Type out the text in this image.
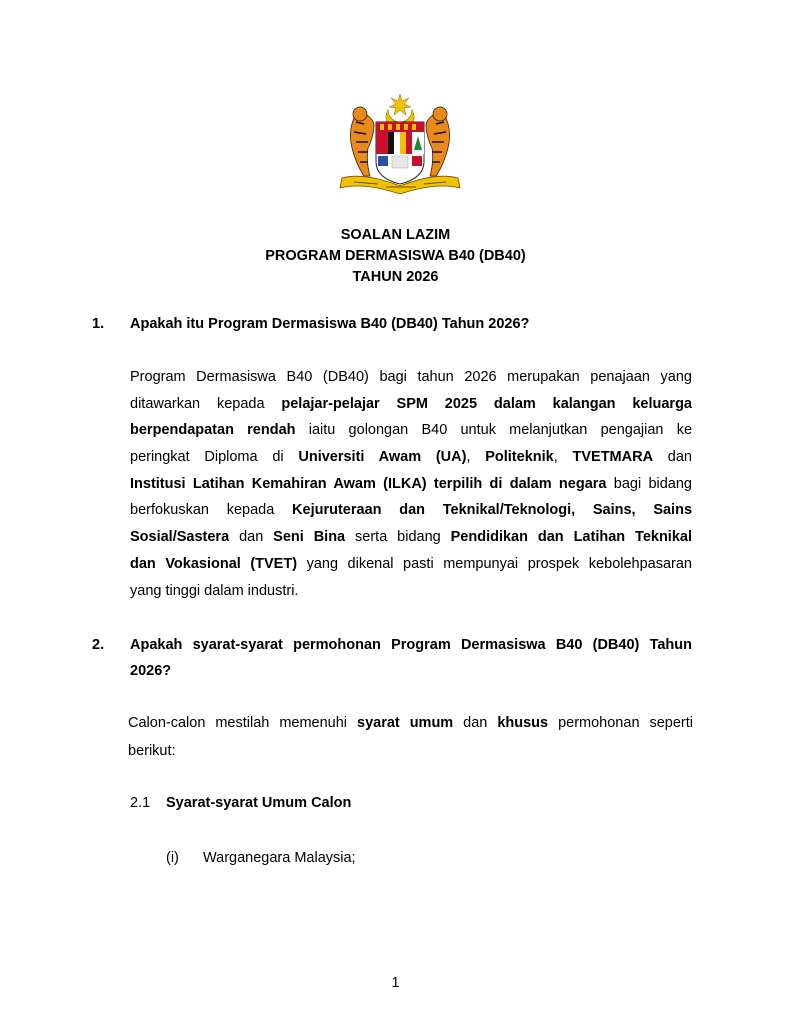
SOALAN LAZIM
PROGRAM DERMASISWA B40 (DB40)
TAHUN 2026
1. Apakah itu Program Dermasiswa B40 (DB40) Tahun 2026?
Program Dermasiswa B40 (DB40) bagi tahun 2026 merupakan penajaan yang
ditawarkan kepada pelajar-pelajar SPM 2025 dalam kalangan keluarga
berpendapatan rendah iaitu golongan B40 untuk melanjutkan pengajian ke
peringkat Diploma di Universiti Awam (UA), Politeknik, TVETMARA dan
Institusi Latihan Kemahiran Awam (ILKA) terpilih di dalam negara bagi bidang
berfokuskan kepada Kejuruteraan dan Teknikal/Teknologi, Sains, Sains
Sosial/Sastera dan Seni Bina serta bidang Pendidikan dan Latihan Teknikal
dan Vokasional (TVET) yang dikenal pasti mempunyai prospek kebolehpasaran
yang tinggi dalam industri.
2. Apakah syarat-syarat permohonan Program Dermasiswa B40 (DB40) Tahun
2026?
Calon-calon mestilah memenuhi syarat umum dan khusus permohonan seperti
berikut:
2.1 Syarat-syarat Umum Calon
(i) Warganegara Malaysia;
1
